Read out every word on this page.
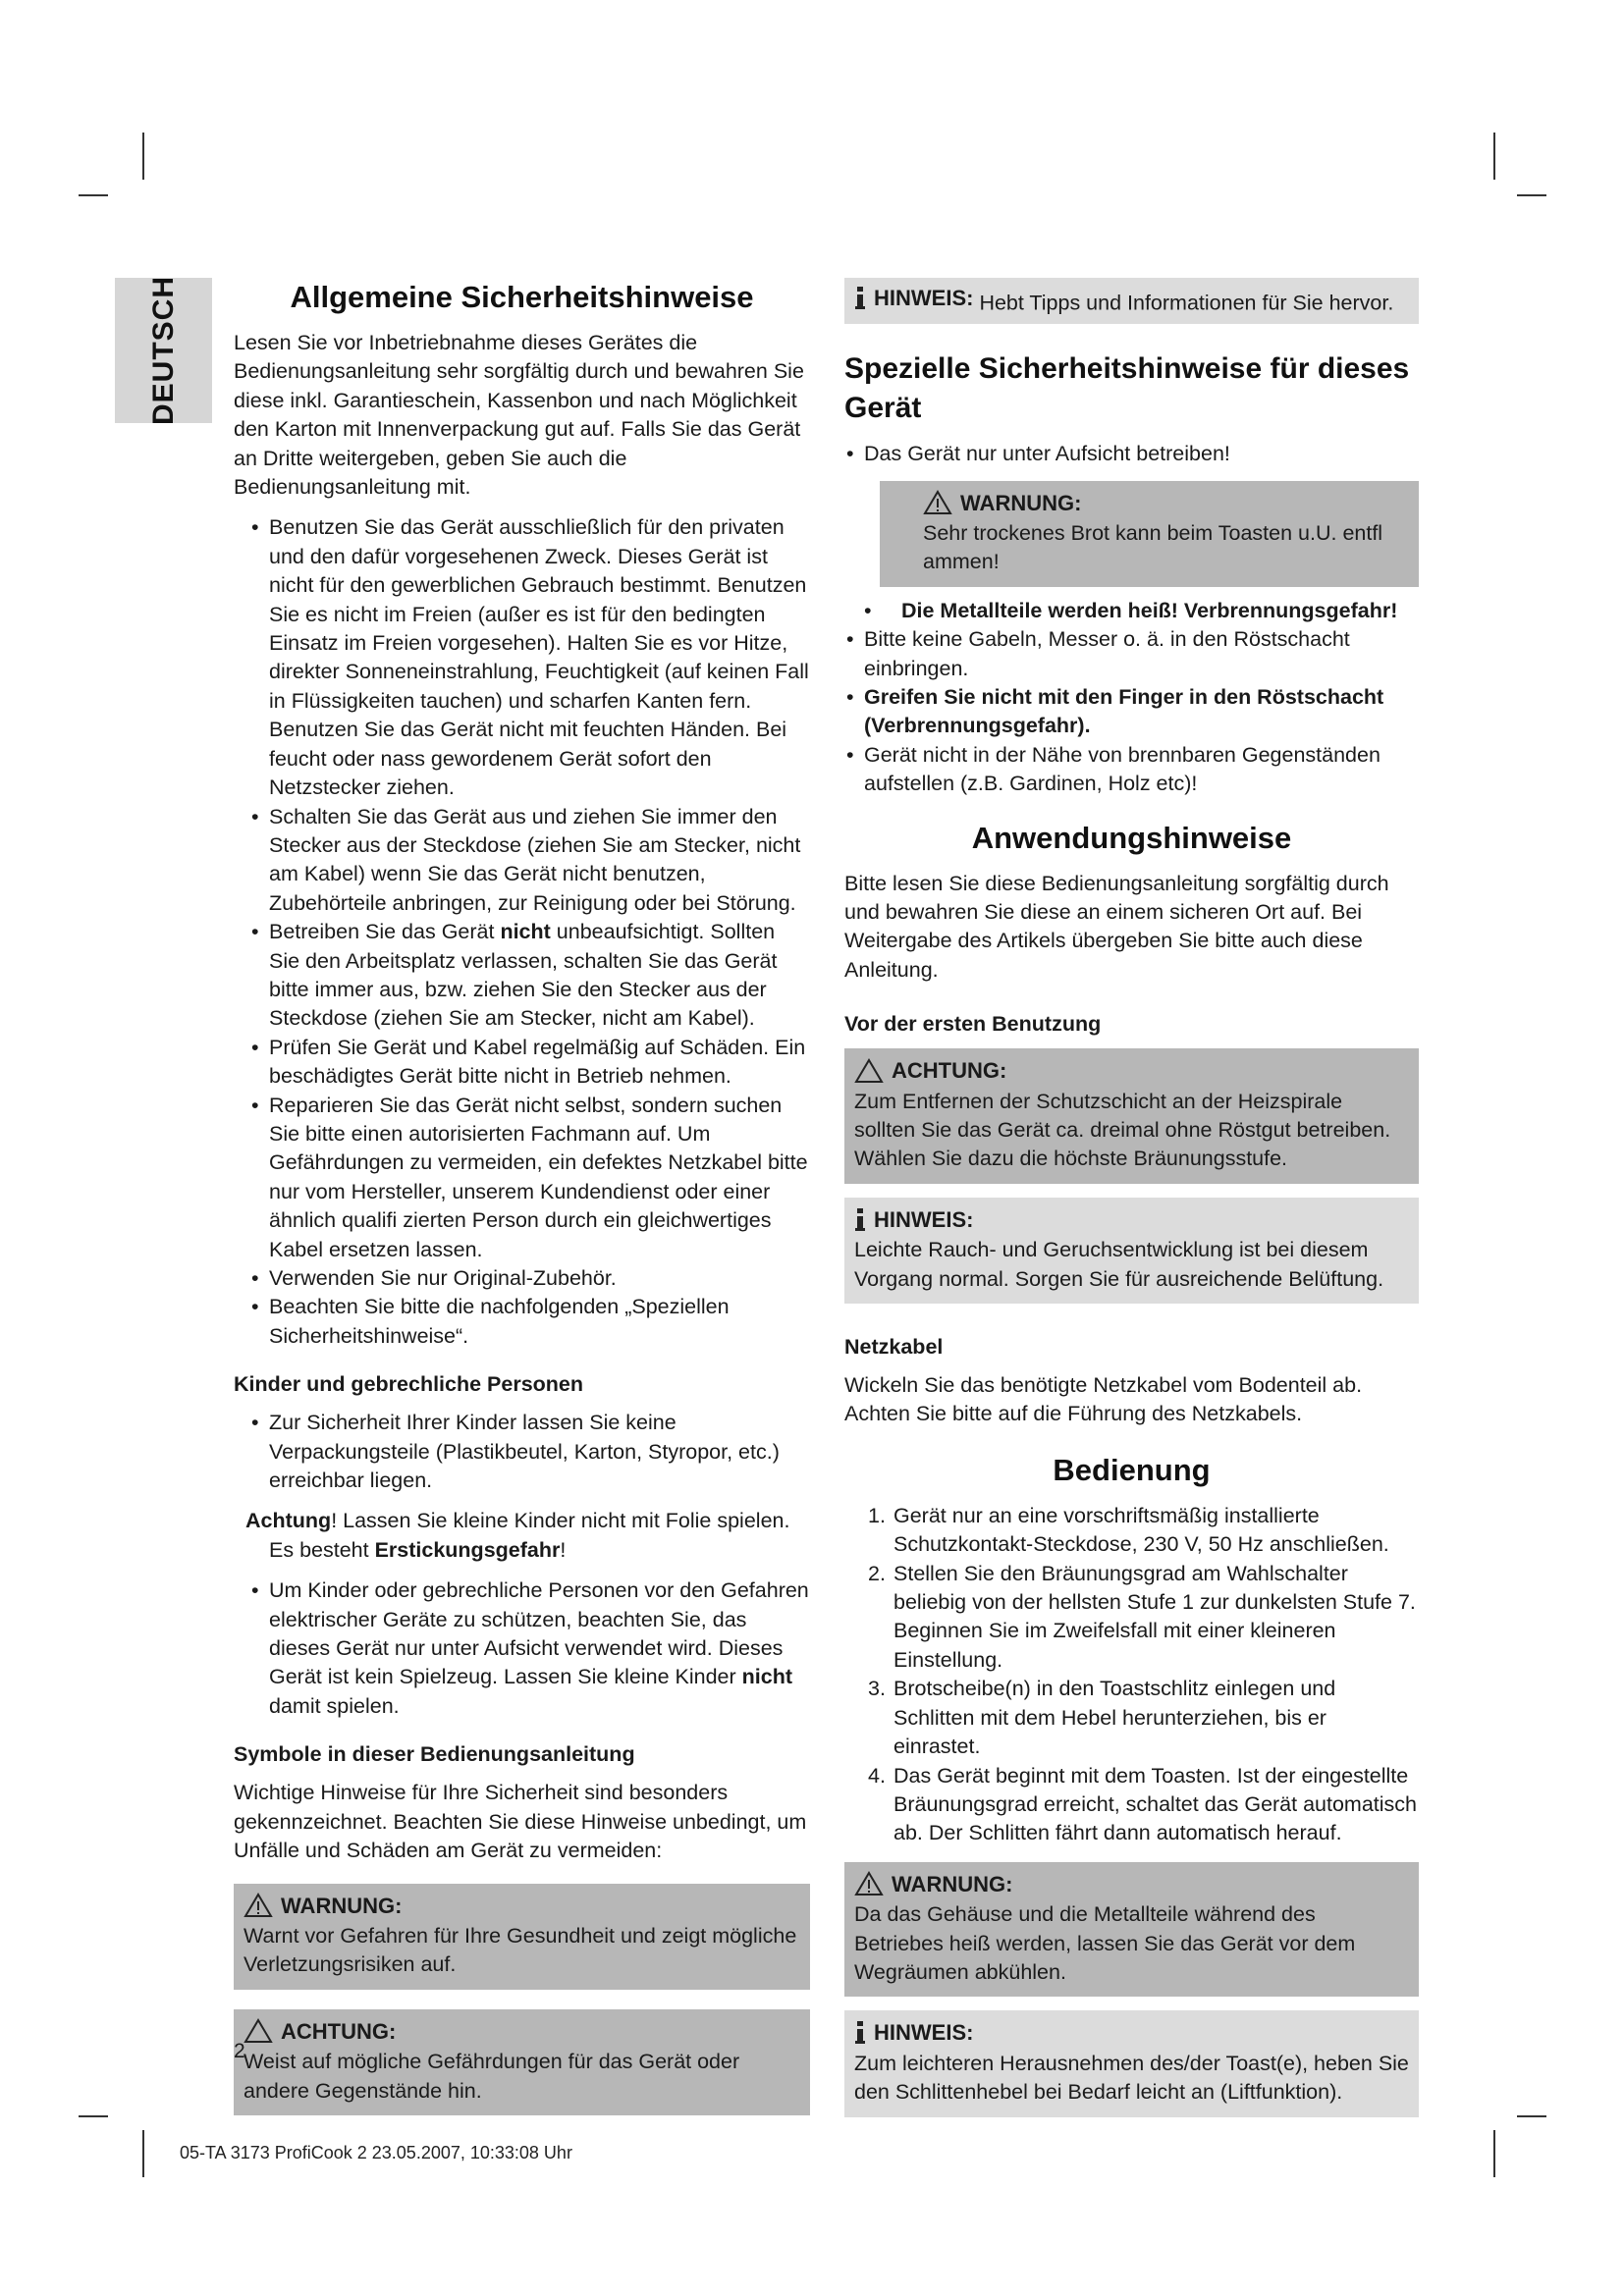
DEUTSCH	Allgemeine Sicherheitshinweise

Lesen Sie vor Inbetriebnahme dieses Gerätes die Bedienungsanleitung sehr sorgfältig durch und bewahren Sie diese inkl. Garantieschein, Kassenbon und nach Möglichkeit den Karton mit Innenverpackung gut auf. Falls Sie das Gerät an Dritte weitergeben, geben Sie auch die Bedienungsanleitung mit.

• Benutzen Sie das Gerät ausschließlich für den privaten und den dafür vorgesehenen Zweck. Dieses Gerät ist nicht für den gewerblichen Gebrauch bestimmt. Benutzen Sie es nicht im Freien (außer es ist für den bedingten Einsatz im Freien vorgesehen). Halten Sie es vor Hitze, direkter Sonneneinstrahlung, Feuchtigkeit (auf keinen Fall in Flüssigkeiten tauchen) und scharfen Kanten fern. Benutzen Sie das Gerät nicht mit feuchten Händen. Bei feucht oder nass gewordenem Gerät sofort den Netzstecker ziehen.
• Schalten Sie das Gerät aus und ziehen Sie immer den Stecker aus der Steckdose (ziehen Sie am Stecker, nicht am Kabel) wenn Sie das Gerät nicht benutzen, Zubehörteile anbringen, zur Reinigung oder bei Störung.
• Betreiben Sie das Gerät nicht unbeaufsichtigt. Sollten Sie den Arbeitsplatz verlassen, schalten Sie das Gerät bitte immer aus, bzw. ziehen Sie den Stecker aus der Steckdose (ziehen Sie am Stecker, nicht am Kabel).
• Prüfen Sie Gerät und Kabel regelmäßig auf Schäden. Ein beschädigtes Gerät bitte nicht in Betrieb nehmen.
• Reparieren Sie das Gerät nicht selbst, sondern suchen Sie bitte einen autorisierten Fachmann auf. Um Gefährdungen zu vermeiden, ein defektes Netzkabel bitte nur vom Hersteller, unserem Kundendienst oder einer ähnlich qualifi zierten Person durch ein gleichwertiges Kabel ersetzen lassen.
• Verwenden Sie nur Original-Zubehör.
• Beachten Sie bitte die nachfolgenden „Speziellen Sicherheitshinweise“.
Kinder und gebrechliche Personen
• Zur Sicherheit Ihrer Kinder lassen Sie keine Verpackungsteile (Plastikbeutel, Karton, Styropor, etc.) erreichbar liegen.

Achtung! Lassen Sie kleine Kinder nicht mit Folie spielen. Es besteht Erstickungsgefahr!

• Um Kinder oder gebrechliche Personen vor den Gefahren elektrischer Geräte zu schützen, beachten Sie, das dieses Gerät nur unter Aufsicht verwendet wird. Dieses Gerät ist kein Spielzeug. Lassen Sie kleine Kinder nicht damit spielen.
Symbole in dieser Bedienungsanleitung

Wichtige Hinweise für Ihre Sicherheit sind besonders gekennzeichnet. Beachten Sie diese Hinweise unbedingt, um Unfälle und Schäden am Gerät zu vermeiden:

WARNUNG:
Warnt vor Gefahren für Ihre Gesundheit und zeigt mögliche Verletzungsrisiken auf.
ACHTUNG:
Weist auf mögliche Gefährdungen für das Gerät oder andere Gegenstände hin.
HINWEIS: Hebt Tipps und Informationen für Sie hervor.
Spezielle Sicherheitshinweise für dieses Gerät
• Das Gerät nur unter Aufsicht betreiben!
WARNUNG:
Sehr trockenes Brot kann beim Toasten u.U. entfl ammen!
• Die Metallteile werden heiß! Verbrennungsgefahr!
• Bitte keine Gabeln, Messer o. ä. in den Röstschacht einbringen.
• Greifen Sie nicht mit den Finger in den Röstschacht (Verbrennungsgefahr).
• Gerät nicht in der Nähe von brennbaren Gegenständen aufstellen (z.B. Gardinen, Holz etc)!
Anwendungshinweise

Bitte lesen Sie diese Bedienungsanleitung sorgfältig durch und bewahren Sie diese an einem sicheren Ort auf. Bei Weitergabe des Artikels übergeben Sie bitte auch diese Anleitung.

Vor der ersten Benutzung
ACHTUNG:
Zum Entfernen der Schutzschicht an der Heizspirale sollten Sie das Gerät ca. dreimal ohne Röstgut betreiben. Wählen Sie dazu die höchste Bräunungsstufe.
HINWEIS:
Leichte Rauch- und Geruchsentwicklung ist bei diesem Vorgang normal. Sorgen Sie für ausreichende Belüftung.
Netzkabel

Wickeln Sie das benötigte Netzkabel vom Bodenteil ab. Achten Sie bitte auf die Führung des Netzkabels.

Bedienung
1. Gerät nur an eine vorschriftsmäßig installierte Schutzkontakt-Steckdose, 230 V, 50 Hz anschließen.
2. Stellen Sie den Bräunungsgrad am Wahlschalter beliebig von der hellsten Stufe 1 zur dunkelsten Stufe 7. Beginnen Sie im Zweifelsfall mit einer kleineren Einstellung.
3. Brotscheibe(n) in den Toastschlitz einlegen und Schlitten mit dem Hebel herunterziehen, bis er einrastet.
4. Das Gerät beginnt mit dem Toasten. Ist der eingestellte Bräunungsgrad erreicht, schaltet das Gerät automatisch ab. Der Schlitten fährt dann automatisch herauf.
WARNUNG:
Da das Gehäuse und die Metallteile während des Betriebes heiß werden, lassen Sie das Gerät vor dem Wegräumen abkühlen.
HINWEIS:
Zum leichteren Herausnehmen des/der Toast(e), heben Sie den Schlittenhebel bei Bedarf leicht an (Liftfunktion).
2
05-TA 3173 ProfiCook 2 23.05.2007, 10:33:08 Uhr
